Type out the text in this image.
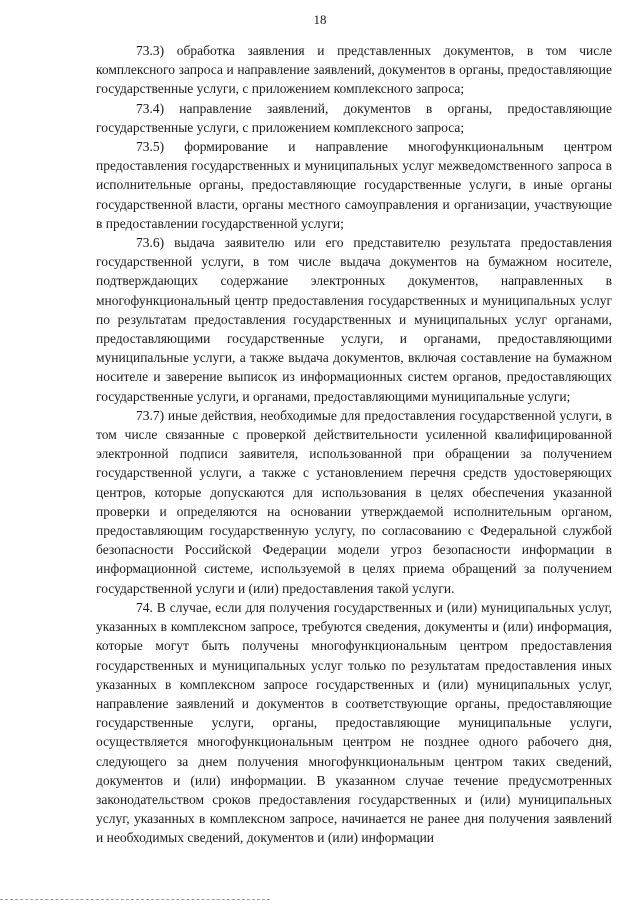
18

73.3) обработка заявления и представленных документов, в том числе комплексного запроса и направление заявлений, документов в органы, предоставляющие государственные услуги, с приложением комплексного запроса;

73.4) направление заявлений, документов в органы, предоставляющие государственные услуги, с приложением комплексного запроса;

73.5) формирование и направление многофункциональным центром предоставления государственных и муниципальных услуг межведомственного запроса в исполнительные органы, предоставляющие государственные услуги, в иные органы государственной власти, органы местного самоуправления и организации, участвующие в предоставлении государственной услуги;

73.6) выдача заявителю или его представителю результата предоставления государственной услуги, в том числе выдача документов на бумажном носителе, подтверждающих содержание электронных документов, направленных в многофункциональный центр предоставления государственных и муниципальных услуг по результатам предоставления государственных и муниципальных услуг органами, предоставляющими государственные услуги, и органами, предоставляющими муниципальные услуги, а также выдача документов, включая составление на бумажном носителе и заверение выписок из информационных систем органов, предоставляющих государственные услуги, и органами, предоставляющими муниципальные услуги;

73.7) иные действия, необходимые для предоставления государственной услуги, в том числе связанные с проверкой действительности усиленной квалифицированной электронной подписи заявителя, использованной при обращении за получением государственной услуги, а также с установлением перечня средств удостоверяющих центров, которые допускаются для использования в целях обеспечения указанной проверки и определяются на основании утверждаемой исполнительным органом, предоставляющим государственную услугу, по согласованию с Федеральной службой безопасности Российской Федерации модели угроз безопасности информации в информационной системе, используемой в целях приема обращений за получением государственной услуги и (или) предоставления такой услуги.

74. В случае, если для получения государственных и (или) муниципальных услуг, указанных в комплексном запросе, требуются сведения, документы и (или) информация, которые могут быть получены многофункциональным центром предоставления государственных и муниципальных услуг только по результатам предоставления иных указанных в комплексном запросе государственных и (или) муниципальных услуг, направление заявлений и документов в соответствующие органы, предоставляющие государственные услуги, органы, предоставляющие муниципальные услуги, осуществляется многофункциональным центром не позднее одного рабочего дня, следующего за днем получения многофункциональным центром таких сведений, документов и (или) информации. В указанном случае течение предусмотренных законодательством сроков предоставления государственных и (или) муниципальных услуг, указанных в комплексном запросе, начинается не ранее дня получения заявлений и необходимых сведений, документов и (или) информации
